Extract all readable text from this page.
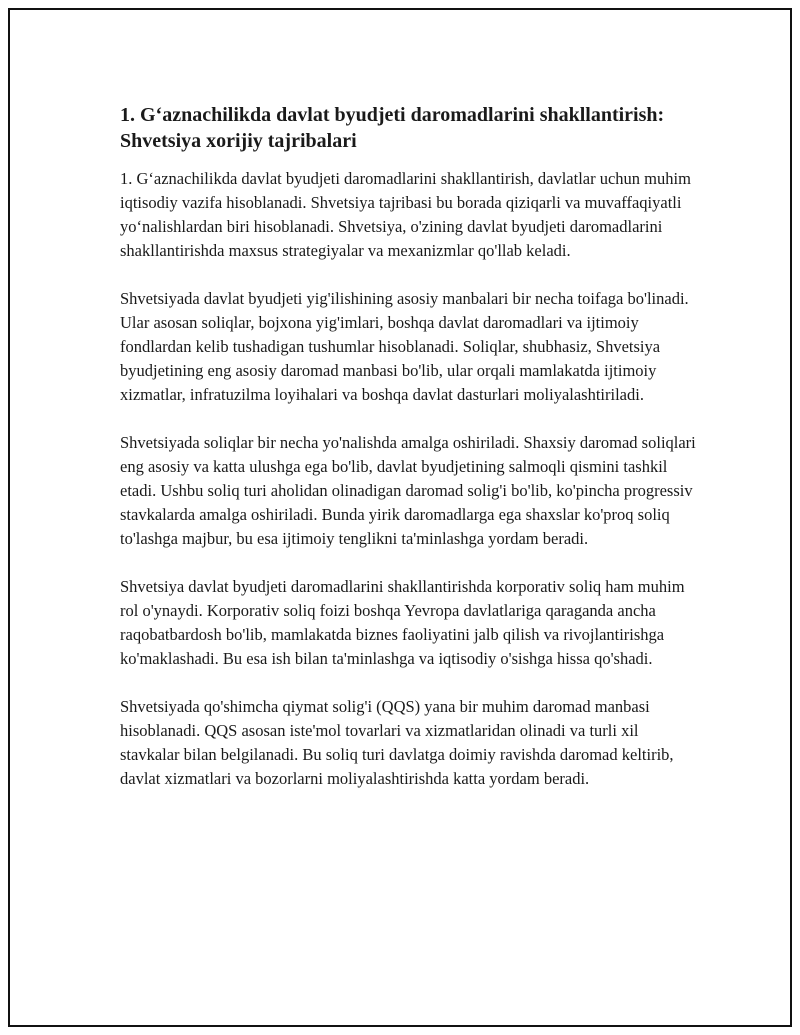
1. G‘aznachilikda davlat byudjeti daromadlarini shakllantirish: Shvetsiya xorijiy tajribalari

1. G‘aznachilikda davlat byudjeti daromadlarini shakllantirish, davlatlar uchun muhim iqtisodiy vazifa hisoblanadi. Shvetsiya tajribasi bu borada qiziqarli va muvaffaqiyatli yo‘nalishlardan biri hisoblanadi. Shvetsiya, o'zining davlat byudjeti daromadlarini shakllantirishda maxsus strategiyalar va mexanizmlar qo'llab keladi.

Shvetsiyada davlat byudjeti yig'ilishining asosiy manbalari bir necha toifaga bo'linadi. Ular asosan soliqlar, bojxona yig'imlari, boshqa davlat daromadlari va ijtimoiy fondlardan kelib tushadigan tushumlar hisoblanadi. Soliqlar, shubhasiz, Shvetsiya byudjetining eng asosiy daromad manbasi bo'lib, ular orqali mamlakatda ijtimoiy xizmatlar, infratuzilma loyihalari va boshqa davlat dasturlari moliyalashtiriladi.

Shvetsiyada soliqlar bir necha yo'nalishda amalga oshiriladi. Shaxsiy daromad soliqlari eng asosiy va katta ulushga ega bo'lib, davlat byudjetining salmoqli qismini tashkil etadi. Ushbu soliq turi aholidan olinadigan daromad solig'i bo'lib, ko'pincha progressiv stavkalarda amalga oshiriladi. Bunda yirik daromadlarga ega shaxslar ko'proq soliq to'lashga majbur, bu esa ijtimoiy tenglikni ta'minlashga yordam beradi.

Shvetsiya davlat byudjeti daromadlarini shakllantirishda korporativ soliq ham muhim rol o'ynaydi. Korporativ soliq foizi boshqa Yevropa davlatlariga qaraganda ancha raqobatbardosh bo'lib, mamlakatda biznes faoliyatini jalb qilish va rivojlantirishga ko'maklashadi. Bu esa ish bilan ta'minlashga va iqtisodiy o'sishga hissa qo'shadi.

Shvetsiyada qo'shimcha qiymat solig'i (QQS) yana bir muhim daromad manbasi hisoblanadi. QQS asosan iste'mol tovarlari va xizmatlaridan olinadi va turli xil stavkalar bilan belgilanadi. Bu soliq turi davlatga doimiy ravishda daromad keltirib, davlat xizmatlari va bozorlarni moliyalashtirishda katta yordam beradi.
